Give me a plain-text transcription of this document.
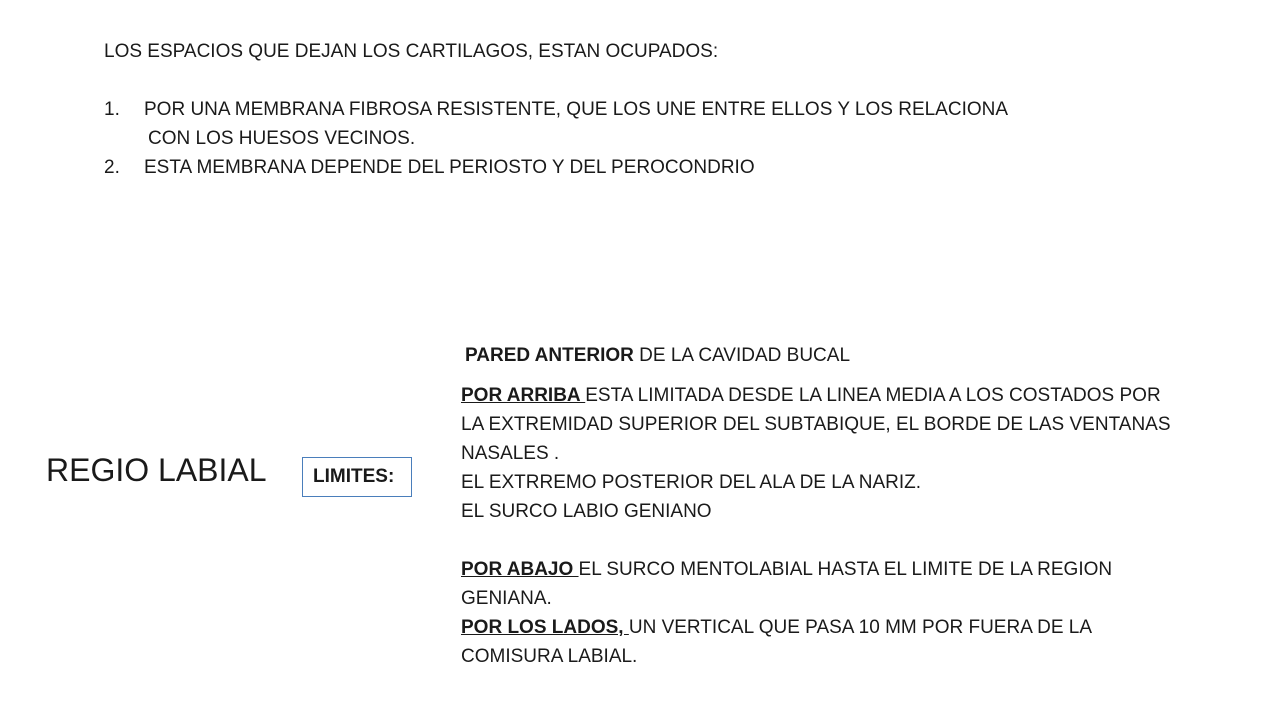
LOS ESPACIOS QUE DEJAN LOS CARTILAGOS, ESTAN OCUPADOS:
1.	POR UNA MEMBRANA FIBROSA RESISTENTE, QUE LOS UNE ENTRE ELLOS Y LOS RELACIONA
CON LOS HUESOS VECINOS.
2.	ESTA MEMBRANA DEPENDE DEL PERIOSTO Y DEL PEROCONDRIO
PARED ANTERIOR DE LA CAVIDAD BUCAL
REGIO LABIAL LIMITES:
POR ARRIBA ESTA LIMITADA DESDE LA LINEA MEDIA A LOS COSTADOS POR
LA EXTREMIDAD SUPERIOR DEL SUBTABIQUE, EL BORDE DE LAS VENTANAS
NASALES .
EL EXTRREMO POSTERIOR DEL ALA DE LA NARIZ.
EL SURCO LABIO GENIANO
POR ABAJO EL SURCO MENTOLABIAL HASTA EL LIMITE DE LA REGION
GENIANA.
POR LOS LADOS, UN VERTICAL QUE PASA 10 MM POR FUERA DE LA
COMISURA LABIAL.
